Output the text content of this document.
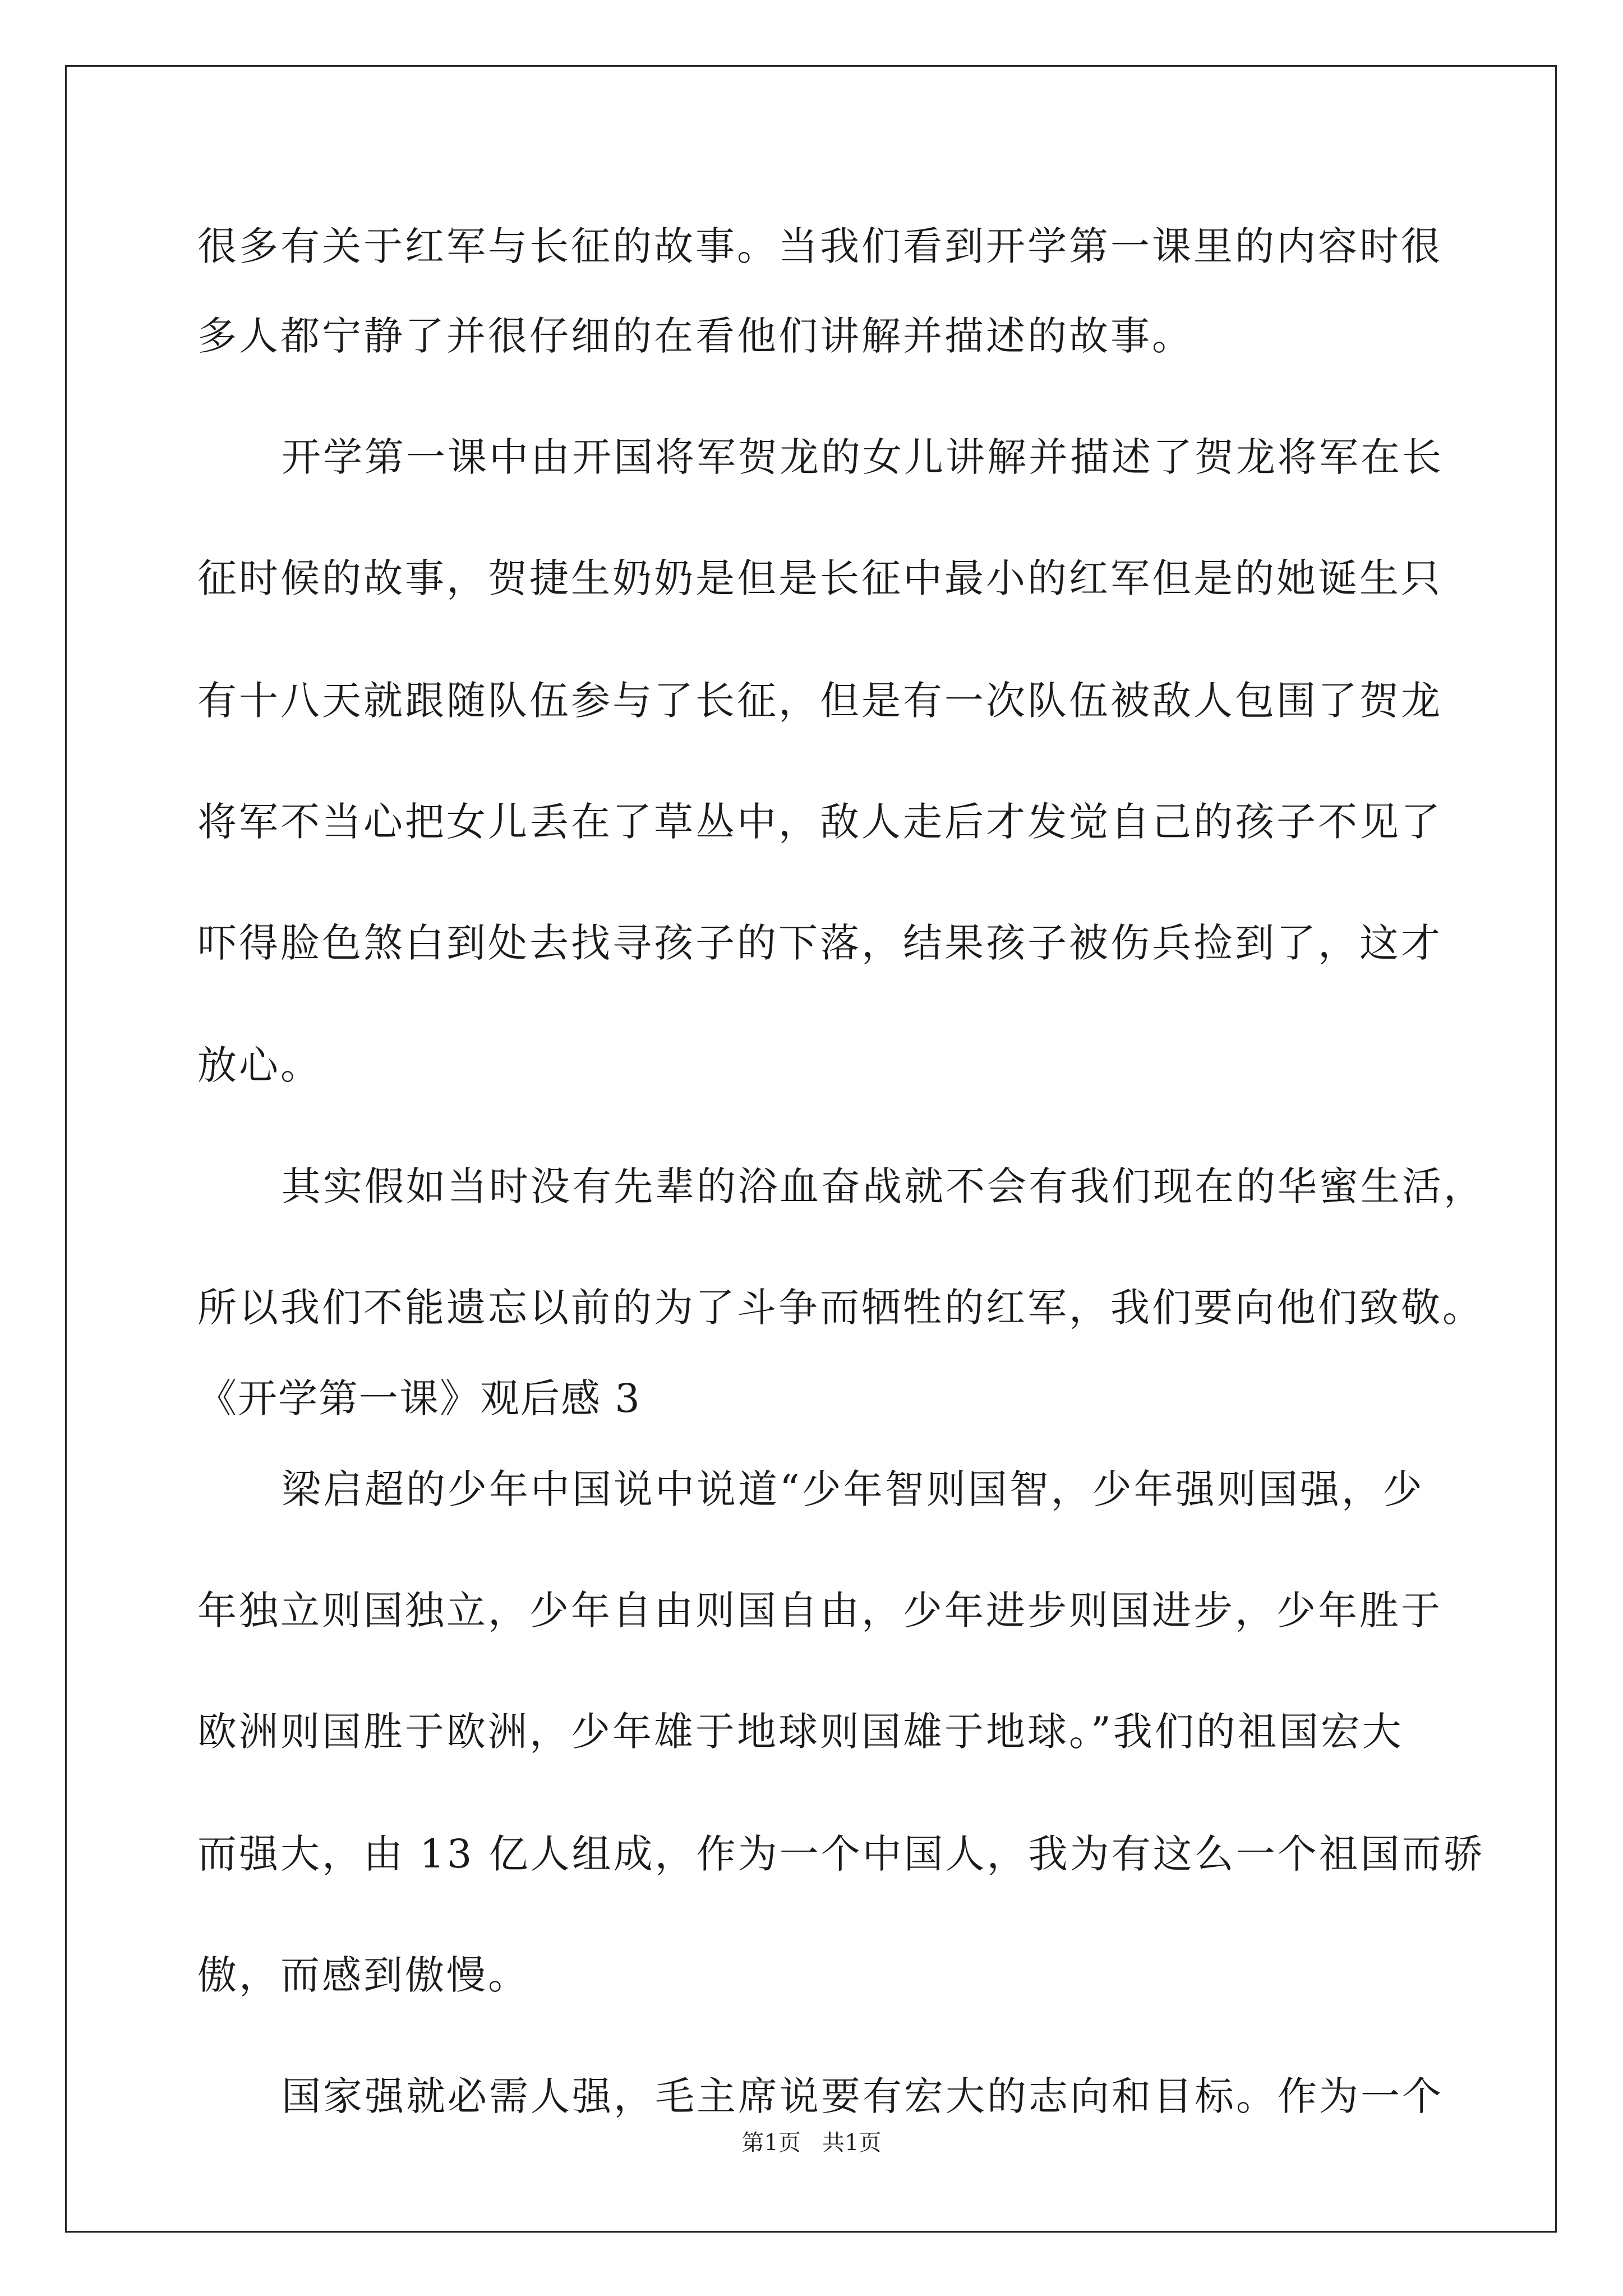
很多有关于红军与长征的故事。当我们看到开学第一课里的内容时很
多人都宁静了并很仔细的在看他们讲解并描述的故事。
开学第一课中由开国将军贺龙的女儿讲解并描述了贺龙将军在长
征时候的故事，贺捷生奶奶是但是长征中最小的红军但是的她诞生只
有十八天就跟随队伍参与了长征，但是有一次队伍被敌人包围了贺龙
将军不当心把女儿丢在了草丛中，敌人走后才发觉自己的孩子不见了
吓得脸色煞白到处去找寻孩子的下落，结果孩子被伤兵捡到了，这才
放心。
其实假如当时没有先辈的浴血奋战就不会有我们现在的华蜜生活，
所以我们不能遗忘以前的为了斗争而牺牲的红军，我们要向他们致敬。
《开学第一课》观后感 3
梁启超的少年中国说中说道“少年智则国智，少年强则国强，少
年独立则国独立，少年自由则国自由，少年进步则国进步，少年胜于
欧洲则国胜于欧洲，少年雄于地球则国雄于地球。”我们的祖国宏大
而强大，由 13 亿人组成，作为一个中国人，我为有这么一个祖国而骄
傲，而感到傲慢。
国家强就必需人强，毛主席说要有宏大的志向和目标。作为一个
第1页   共1页
